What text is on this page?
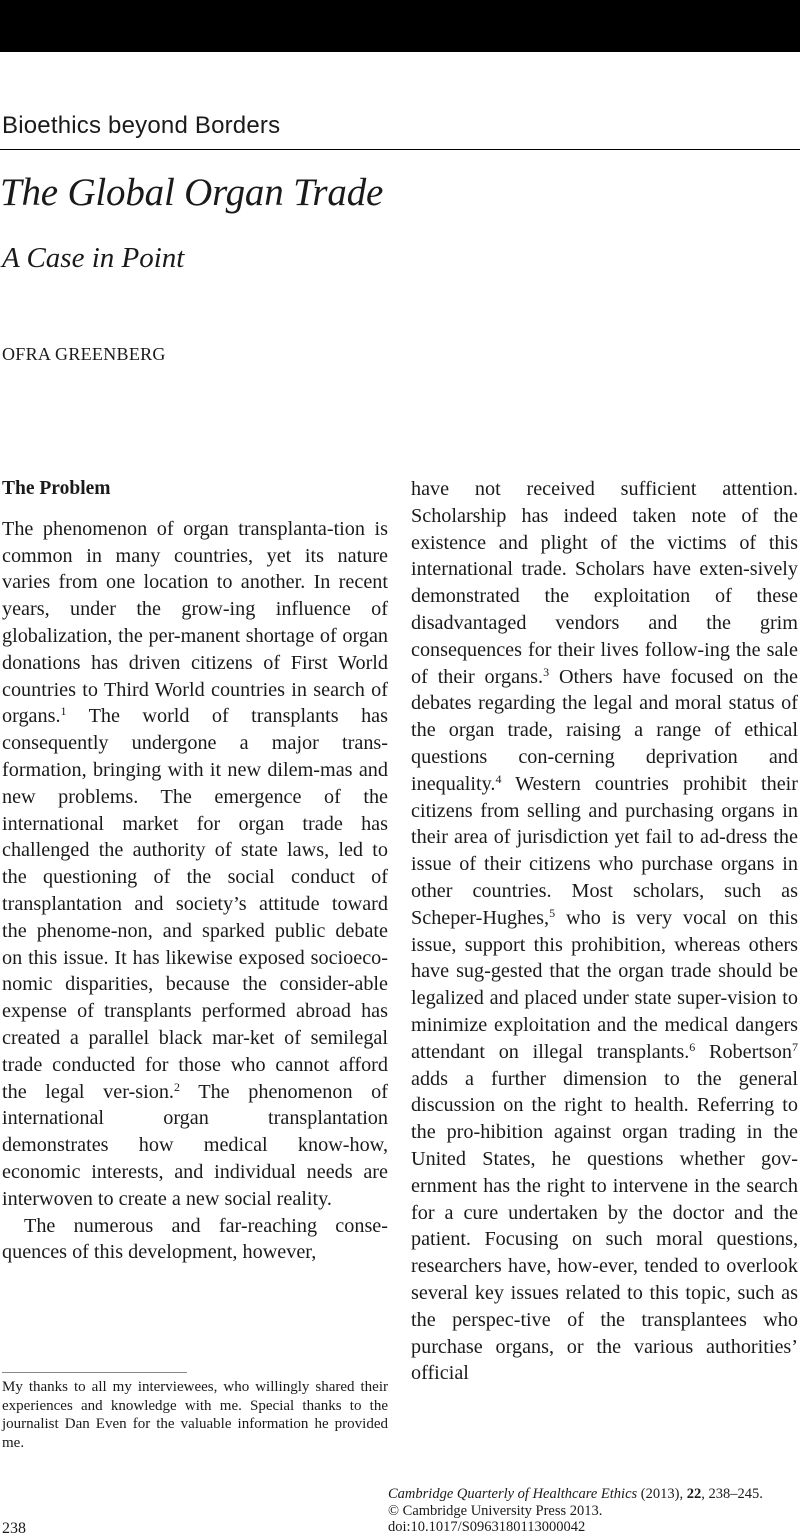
Bioethics beyond Borders
The Global Organ Trade
A Case in Point

OFRA GREENBERG

The Problem

The phenomenon of organ transplanta-tion is common in many countries, yet its nature varies from one location to another. In recent years, under the grow-ing influence of globalization, the per-manent shortage of organ donations has driven citizens of First World countries to Third World countries in search of organs.$^1$ The world of transplants has consequently undergone a major trans-formation, bringing with it new dilem-mas and new problems. The emergence of the international market for organ trade has challenged the authority of state laws, led to the questioning of the social conduct of transplantation and society’s attitude toward the phenome-non, and sparked public debate on this issue. It has likewise exposed socioeco-nomic disparities, because the consider-able expense of transplants performed abroad has created a parallel black mar-ket of semilegal trade conducted for those who cannot afford the legal ver-sion.$^2$ The phenomenon of international organ transplantation demonstrates how medical know-how, economic interests, and individual needs are interwoven to create a new social reality.

The numerous and far-reaching conse-quences of this development, however,

have not received sufficient attention. Scholarship has indeed taken note of the existence and plight of the victims of this international trade. Scholars have exten-sively demonstrated the exploitation of these disadvantaged vendors and the grim consequences for their lives follow-ing the sale of their organs.$^3$ Others have focused on the debates regarding the legal and moral status of the organ trade, raising a range of ethical questions con-cerning deprivation and inequality.$^4$ Western countries prohibit their citizens from selling and purchasing organs in their area of jurisdiction yet fail to ad-dress the issue of their citizens who purchase organs in other countries. Most scholars, such as Scheper-Hughes,$^5$ who is very vocal on this issue, support this prohibition, whereas others have sug-gested that the organ trade should be legalized and placed under state super-vision to minimize exploitation and the medical dangers attendant on illegal transplants.$^6$ Robertson$^7$ adds a further dimension to the general discussion on the right to health. Referring to the pro-hibition against organ trading in the United States, he questions whether gov-ernment has the right to intervene in the search for a cure undertaken by the doctor and the patient. Focusing on such moral questions, researchers have, how-ever, tended to overlook several key issues related to this topic, such as the perspec-tive of the transplantees who purchase organs, or the various authorities’ official

My thanks to all my interviewees, who willingly shared their experiences and knowledge with me. Special thanks to the journalist Dan Even for the valuable information he provided me.

Cambridge Quarterly of Healthcare Ethics (2013), 22, 238–245.
© Cambridge University Press 2013.
doi:10.1017/S0963180113000042

238
